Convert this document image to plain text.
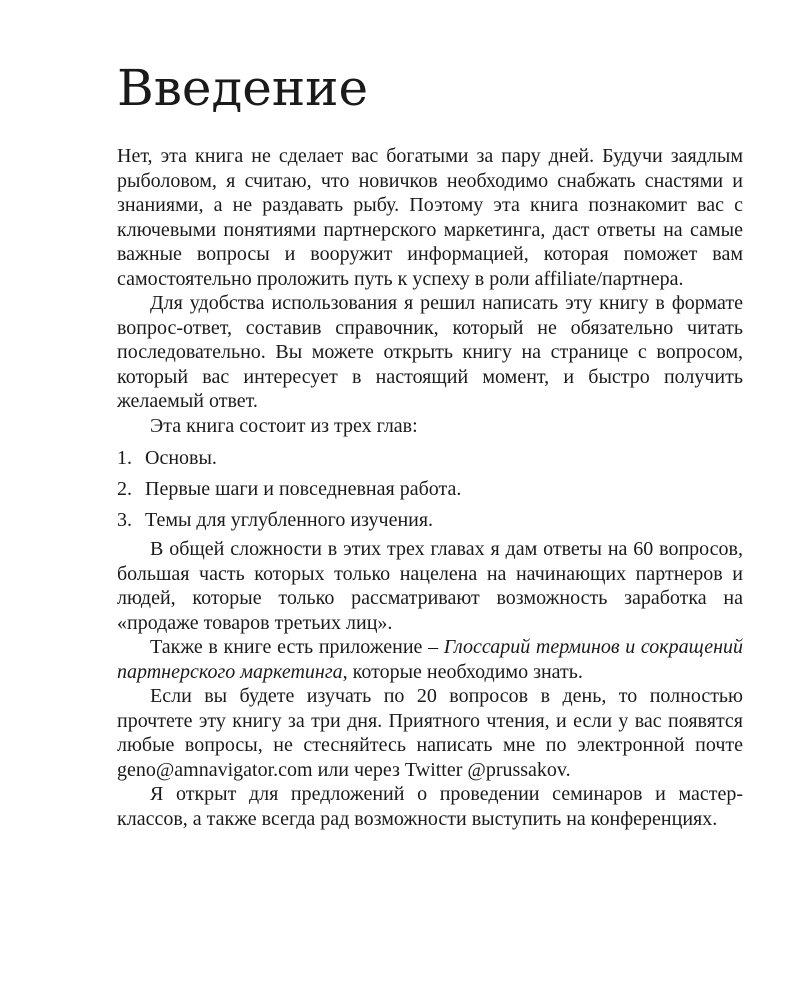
Введение

Нет, эта книга не сделает вас богатыми за пару дней. Будучи заядлым рыболовом, я считаю, что новичков необходимо снабжать снастями и знаниями, а не раздавать рыбу. Поэтому эта книга познакомит вас с ключевыми понятиями партнерского маркетинга, даст ответы на самые важные вопросы и вооружит информацией, которая поможет вам самостоятельно проложить путь к успеху в роли affiliate/партнера.

Для удобства использования я решил написать эту книгу в формате вопрос-ответ, составив справочник, который не обязательно читать последовательно. Вы можете открыть книгу на странице с вопросом, который вас интересует в настоящий момент, и быстро получить желаемый ответ.

Эта книга состоит из трех глав:

1. Основы.
2. Первые шаги и повседневная работа.
3. Темы для углубленного изучения.

В общей сложности в этих трех главах я дам ответы на 60 вопросов, большая часть которых только нацелена на начинающих партнеров и людей, которые только рассматривают возможность заработка на «продаже товаров третьих лиц».

Также в книге есть приложение – Глоссарий терминов и сокращений партнерского маркетинга, которые необходимо знать.

Если вы будете изучать по 20 вопросов в день, то полностью прочтете эту книгу за три дня. Приятного чтения, и если у вас появятся любые вопросы, не стесняйтесь написать мне по электронной почте geno@amnavigator.com или через Twitter @prussakov.

Я открыт для предложений о проведении семинаров и мастер-классов, а также всегда рад возможности выступить на конференциях.
